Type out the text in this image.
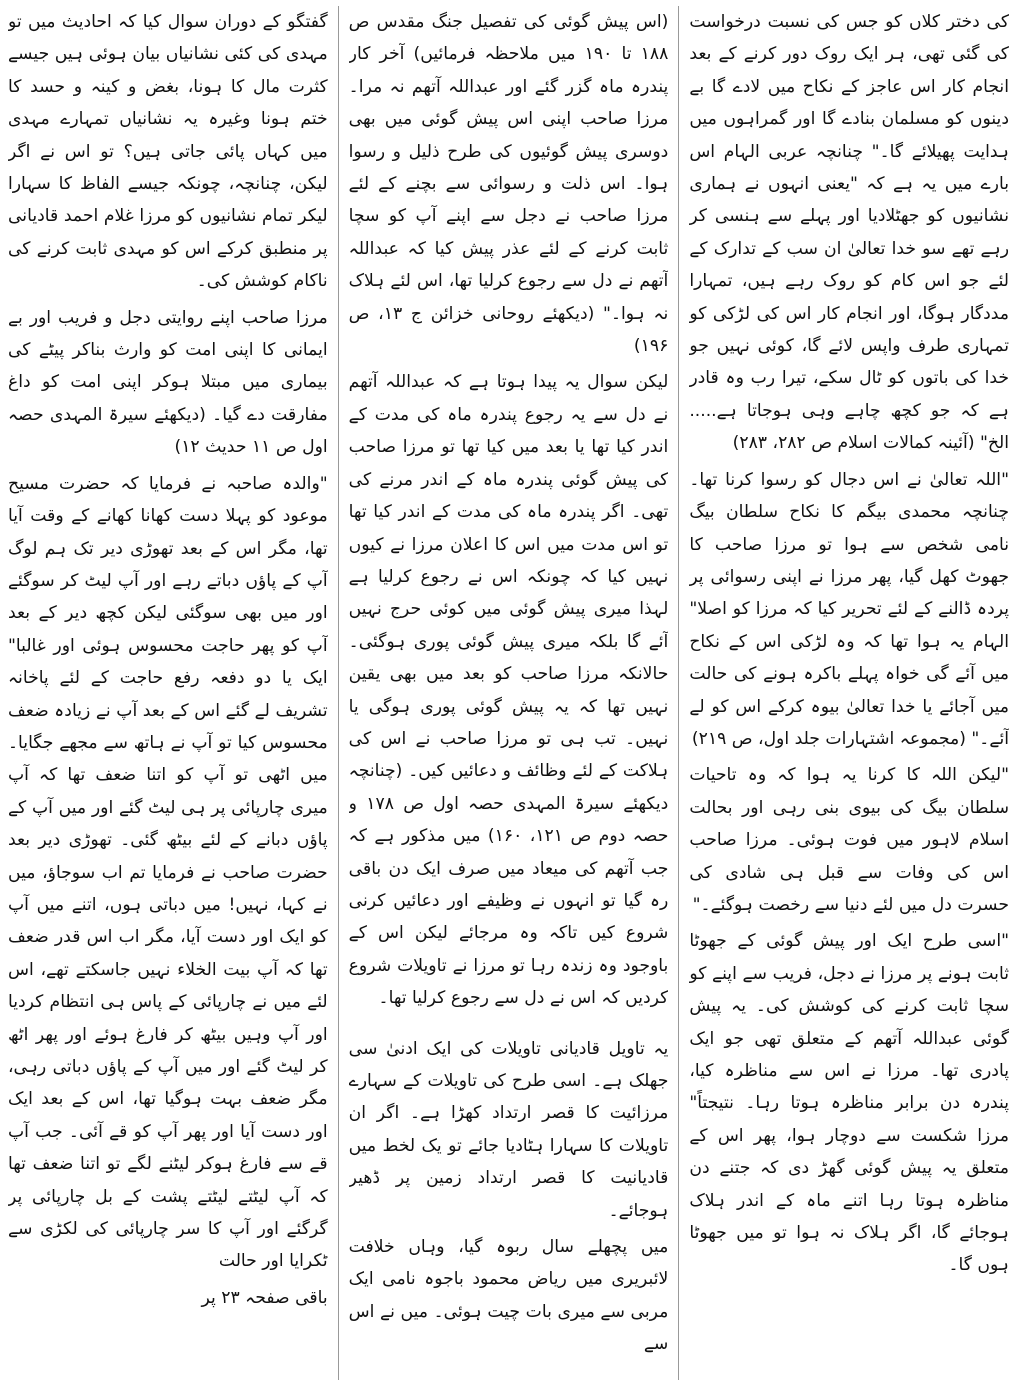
کی دختر کلاں کو جس کی نسبت درخواست کی گئی تھی، ہر ایک روک دور کرنے کے بعد انجام کار اس عاجز کے نکاح میں لادے گا بے دینوں کو مسلمان بنادے گا اور گمراہوں میں ہدایت پھیلائے گا۔" چنانچہ عربی الہام اس بارے میں یہ ہے کہ "یعنی انہوں نے ہماری نشانیوں کو جھٹلادیا اور پہلے سے ہنسی کر رہے تھے سو خدا تعالیٰ ان سب کے تدارک کے لئے جو اس کام کو روک رہے ہیں، تمہارا مددگار ہوگا، اور انجام کار اس کی لڑکی کو تمہاری طرف واپس لائے گا، کوئی نہیں جو خدا کی باتوں کو ٹال سکے، تیرا رب وہ قادر ہے کہ جو کچھ چاہے وہی ہوجاتا ہے..... الخ" (آئینہ کمالات اسلام ص ۲۸۲، ۲۸۳)

"اللہ تعالیٰ نے اس دجال کو رسوا کرنا تھا۔ چنانچہ محمدی بیگم کا نکاح سلطان بیگ نامی شخص سے ہوا تو مرزا صاحب کا جھوٹ کھل گیا، پھر مرزا نے اپنی رسوائی پر پردہ ڈالنے کے لئے تحریر کیا کہ مرزا کو اصلا" الہام یہ ہوا تھا کہ وہ لڑکی اس کے نکاح میں آئے گی خواہ پہلے باکرہ ہونے کی حالت میں آجائے یا خدا تعالیٰ بیوہ کرکے اس کو لے آئے۔" (مجموعہ اشتہارات جلد اول، ص ۲۱۹)

"لیکن اللہ کا کرنا یہ ہوا کہ وہ تاحیات سلطان بیگ کی بیوی بنی رہی اور بحالت اسلام لاہور میں فوت ہوئی۔ مرزا صاحب اس کی وفات سے قبل ہی شادی کی حسرت دل میں لئے دنیا سے رخصت ہوگئے۔"

"اسی طرح ایک اور پیش گوئی کے جھوٹا ثابت ہونے پر مرزا نے دجل، فریب سے اپنے کو سچا ثابت کرنے کی کوشش کی۔ یہ پیش گوئی عبداللہ آتھم کے متعلق تھی جو ایک پادری تھا۔ مرزا نے اس سے مناظرہ کیا، پندرہ دن برابر مناظرہ ہوتا رہا۔ نتیجتاً" مرزا شکست سے دوچار ہوا، پھر اس کے متعلق یہ پیش گوئی گھڑ دی کہ جتنے دن مناظرہ ہوتا رہا اتنے ماہ کے اندر ہلاک ہوجائے گا، اگر ہلاک نہ ہوا تو میں جھوٹا ہوں گا۔

(اس پیش گوئی کی تفصیل جنگ مقدس ص ۱۸۸ تا ۱۹۰ میں ملاحظہ فرمائیں) آخر کار پندرہ ماہ گزر گئے اور عبداللہ آتھم نہ مرا۔ مرزا صاحب اپنی اس پیش گوئی میں بھی دوسری پیش گوئیوں کی طرح ذلیل و رسوا ہوا۔ اس ذلت و رسوائی سے بچنے کے لئے مرزا صاحب نے دجل سے اپنے آپ کو سچا ثابت کرنے کے لئے عذر پیش کیا کہ عبداللہ آتھم نے دل سے رجوع کرلیا تھا، اس لئے ہلاک نہ ہوا۔" (دیکھئے روحانی خزائن ج ۱۳، ص ۱۹۶)

لیکن سوال یہ پیدا ہوتا ہے کہ عبداللہ آتھم نے دل سے یہ رجوع پندرہ ماہ کی مدت کے اندر کیا تھا یا بعد میں کیا تھا تو مرزا صاحب کی پیش گوئی پندرہ ماہ کے اندر مرنے کی تھی۔ اگر پندرہ ماہ کی مدت کے اندر کیا تھا تو اس مدت میں اس کا اعلان مرزا نے کیوں نہیں کیا کہ چونکہ اس نے رجوع کرلیا ہے لہذا میری پیش گوئی میں کوئی حرج نہیں آئے گا بلکہ میری پیش گوئی پوری ہوگئی۔ حالانکہ مرزا صاحب کو بعد میں بھی یقین نہیں تھا کہ یہ پیش گوئی پوری ہوگی یا نہیں۔ تب ہی تو مرزا صاحب نے اس کی ہلاکت کے لئے وظائف و دعائیں کیں۔ (چنانچہ دیکھئے سیرۃ المہدی حصہ اول ص ۱۷۸ و حصہ دوم ص ۱۲۱، ۱۶۰) میں مذکور ہے کہ جب آتھم کی میعاد میں صرف ایک دن باقی رہ گیا تو انہوں نے وظیفے اور دعائیں کرنی شروع کیں تاکہ وہ مرجائے لیکن اس کے باوجود وہ زندہ رہا تو مرزا نے تاویلات شروع کردیں کہ اس نے دل سے رجوع کرلیا تھا۔

یہ تاویل قادیانی تاویلات کی ایک ادنیٰ سی جھلک ہے۔ اسی طرح کی تاویلات کے سہارے مرزائیت کا قصر ارتداد کھڑا ہے۔ اگر ان تاویلات کا سہارا ہٹادیا جائے تو یک لخط میں قادیانیت کا قصر ارتداد زمین پر ڈھیر ہوجائے۔

میں پچھلے سال ربوہ گیا، وہاں خلافت لائبریری میں ریاض محمود باجوہ نامی ایک مربی سے میری بات چیت ہوئی۔ میں نے اس سے

گفتگو کے دوران سوال کیا کہ احادیث میں تو مہدی کی کئی نشانیاں بیان ہوئی ہیں جیسے کثرت مال کا ہونا، بغض و کینہ و حسد کا ختم ہونا وغیرہ یہ نشانیاں تمہارے مہدی میں کہاں پائی جاتی ہیں؟ تو اس نے اگر لیکن، چنانچہ، چونکہ جیسے الفاظ کا سہارا لیکر تمام نشانیوں کو مرزا غلام احمد قادیانی پر منطبق کرکے اس کو مہدی ثابت کرنے کی ناکام کوشش کی۔

مرزا صاحب اپنے روایتی دجل و فریب اور بے ایمانی کا اپنی امت کو وارث بناکر پیٹے کی بیماری میں مبتلا ہوکر اپنی امت کو داغ مفارقت دے گیا۔ (دیکھئے سیرۃ المہدی حصہ اول ص ۱۱ حدیث ۱۲)

"والدہ صاحبہ نے فرمایا کہ حضرت مسیح موعود کو پہلا دست کھانا کھانے کے وقت آیا تھا، مگر اس کے بعد تھوڑی دیر تک ہم لوگ آپ کے پاؤں دباتے رہے اور آپ لیٹ کر سوگئے اور میں بھی سوگئی لیکن کچھ دیر کے بعد آپ کو پھر حاجت محسوس ہوئی اور غالبا" ایک یا دو دفعہ رفع حاجت کے لئے پاخانہ تشریف لے گئے اس کے بعد آپ نے زیادہ ضعف محسوس کیا تو آپ نے ہاتھ سے مجھے جگایا۔ میں اٹھی تو آپ کو اتنا ضعف تھا کہ آپ میری چارپائی پر ہی لیٹ گئے اور میں آپ کے پاؤں دبانے کے لئے بیٹھ گئی۔ تھوڑی دیر بعد حضرت صاحب نے فرمایا تم اب سوجاؤ، میں نے کہا، نہیں! میں دباتی ہوں، اتنے میں آپ کو ایک اور دست آیا، مگر اب اس قدر ضعف تھا کہ آپ بیت الخلاء نہیں جاسکتے تھے، اس لئے میں نے چارپائی کے پاس ہی انتظام کردیا اور آپ وہیں بیٹھ کر فارغ ہوئے اور پھر اٹھ کر لیٹ گئے اور میں آپ کے پاؤں دباتی رہی، مگر ضعف بہت ہوگیا تھا، اس کے بعد ایک اور دست آیا اور پھر آپ کو قے آئی۔ جب آپ قے سے فارغ ہوکر لیٹنے لگے تو اتنا ضعف تھا کہ آپ لیٹتے لیٹتے پشت کے بل چارپائی پر گرگئے اور آپ کا سر چارپائی کی لکڑی سے ٹکرایا اور حالت

باقی صفحہ ۲۳ پر
